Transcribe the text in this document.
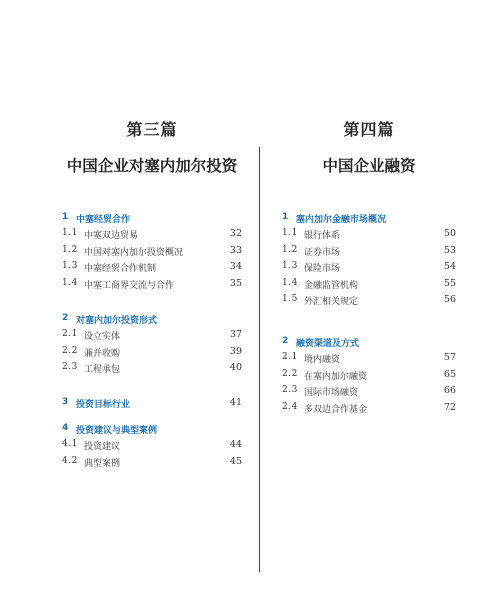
第三篇
中国企业对塞内加尔投资
1 中塞经贸合作
1.1 中塞双边贸易	32
1.2 中国对塞内加尔投资概况	33
1.3 中塞经贸合作机制	34
1.4 中塞工商界交流与合作	35
2 对塞内加尔投资形式
2.1 设立实体	37
2.2 兼并收购	39
2.3 工程承包	40
3 投资目标行业	41
4 投资建议与典型案例
4.1 投资建议	44
4.2 典型案例	45
第四篇
中国企业融资
1 塞内加尔金融市场概况
1.1 银行体系	50
1.2 证券市场	53
1.3 保险市场	54
1.4 金融监管机构	55
1.5 外汇相关规定	56
2 融资渠道及方式
2.1 境内融资	57
2.2 在塞内加尔融资	65
2.3 国际市场融资	66
2.4 多双边合作基金	72
